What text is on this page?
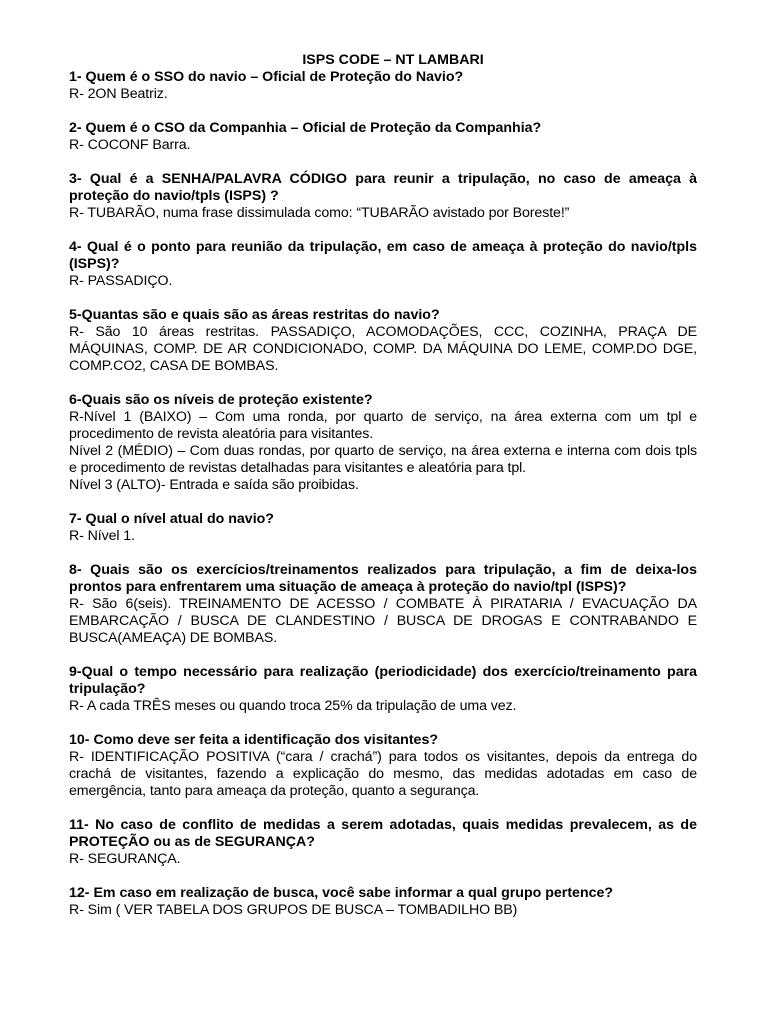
ISPS CODE – NT LAMBARI

1- Quem é o SSO do navio – Oficial de Proteção do Navio?

R- 2ON Beatriz.

2- Quem é o CSO da Companhia – Oficial de Proteção da Companhia?

R- COCONF Barra.

3- Qual é a SENHA/PALAVRA CÓDIGO para reunir a tripulação, no caso de ameaça à proteção do navio/tpls (ISPS) ?

R- TUBARÃO, numa frase dissimulada como: “TUBARÃO avistado por Boreste!”

4- Qual é o ponto para reunião da tripulação, em caso de ameaça à proteção do navio/tpls (ISPS)?

R- PASSADIÇO.

5-Quantas são e quais são as áreas restritas do navio?

R- São 10 áreas restritas. PASSADIÇO, ACOMODAÇÕES, CCC, COZINHA, PRAÇA DE MÁQUINAS, COMP. DE AR CONDICIONADO, COMP. DA MÁQUINA DO LEME, COMP.DO DGE, COMP.CO2, CASA DE BOMBAS.

6-Quais são os níveis de proteção existente?

R-Nível 1 (BAIXO) – Com uma ronda, por quarto de serviço, na área externa com um tpl e procedimento de revista aleatória para visitantes.

Nível 2 (MÉDIO) – Com duas rondas, por quarto de serviço, na área externa e interna com dois tpls e procedimento de revistas detalhadas para visitantes e aleatória para tpl.

Nível 3 (ALTO)- Entrada e saída são proibidas.

7- Qual o nível atual do navio?

R- Nível 1.

8- Quais são os exercícios/treinamentos realizados para tripulação, a fim de deixa-los prontos para enfrentarem uma situação de ameaça à proteção do navio/tpl (ISPS)?

R- São 6(seis). TREINAMENTO DE ACESSO / COMBATE À PIRATARIA / EVACUAÇÃO DA EMBARCAÇÃO / BUSCA DE CLANDESTINO / BUSCA DE DROGAS E CONTRABANDO E BUSCA(AMEAÇA) DE BOMBAS.

9-Qual o tempo necessário para realização (periodicidade) dos exercício/treinamento para tripulação?

R- A cada TRÊS meses ou quando troca 25% da tripulação de uma vez.

10- Como deve ser feita a identificação dos visitantes?

R- IDENTIFICAÇÃO POSITIVA (“cara / crachá”) para todos os visitantes, depois da entrega do crachá de visitantes, fazendo a explicação do mesmo, das medidas adotadas em caso de emergência, tanto para ameaça da proteção, quanto a segurança.

11- No caso de conflito de medidas a serem adotadas, quais medidas prevalecem, as de PROTEÇÃO ou as de SEGURANÇA?

R- SEGURANÇA.

12- Em caso em realização de busca, você sabe informar a qual grupo pertence?

R- Sim ( VER TABELA DOS GRUPOS DE BUSCA – TOMBADILHO BB)
